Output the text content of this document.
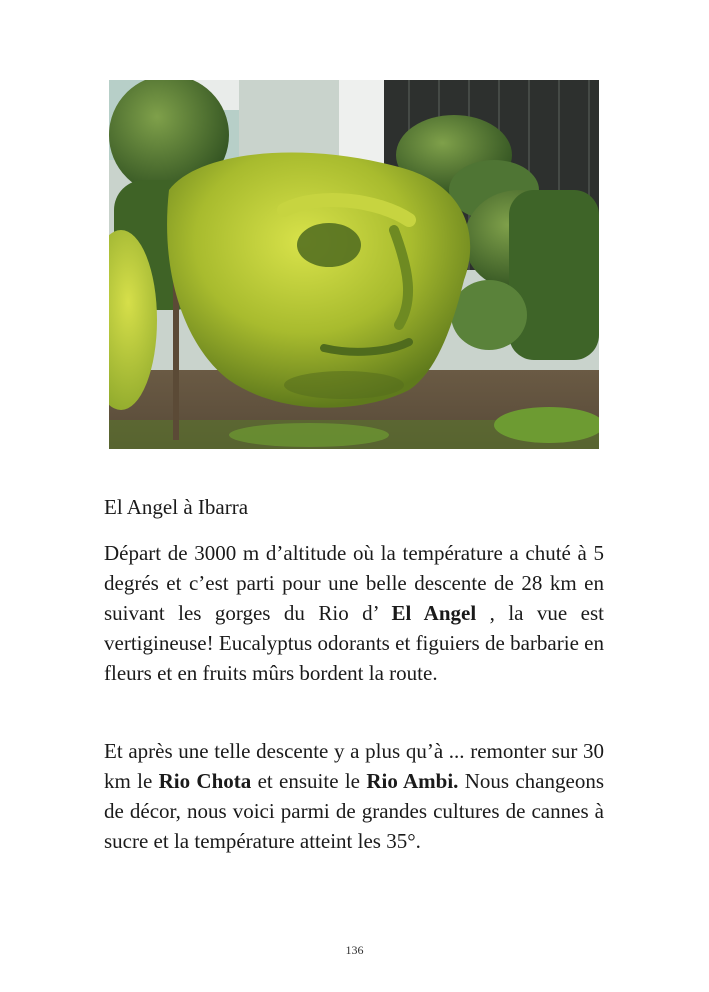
El Angel à Ibarra

Départ de 3000 m d’altitude où la température a chuté à 5 degrés et c’est parti pour une belle descente de 28 km en suivant les gorges du Rio d’ El Angel , la vue est vertigineuse! Eucalyptus odorants et figuiers de barbarie en fleurs et en fruits mûrs bordent la route.

Et après une telle descente y a plus qu’à ... remonter sur 30 km le Rio Chota et ensuite le Rio Ambi. Nous changeons de décor, nous voici parmi de grandes cultures de cannes à sucre et la température atteint les 35°.

136
